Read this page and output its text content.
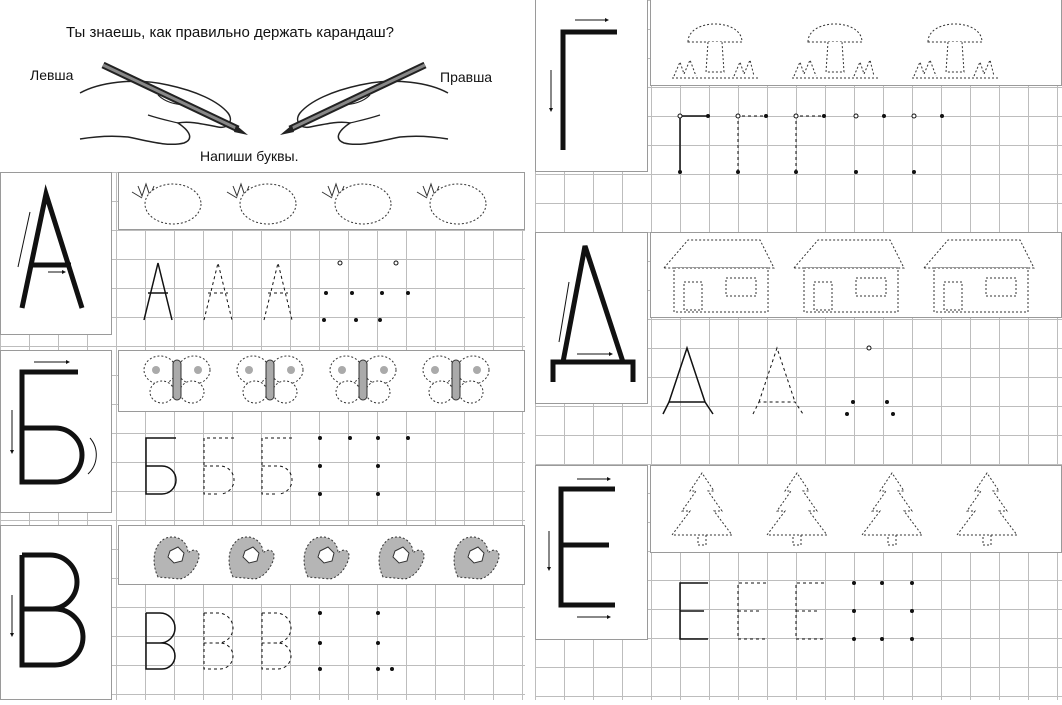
Ты знаешь, как правильно держать карандаш?
Левша	Правша
Напиши буквы.
